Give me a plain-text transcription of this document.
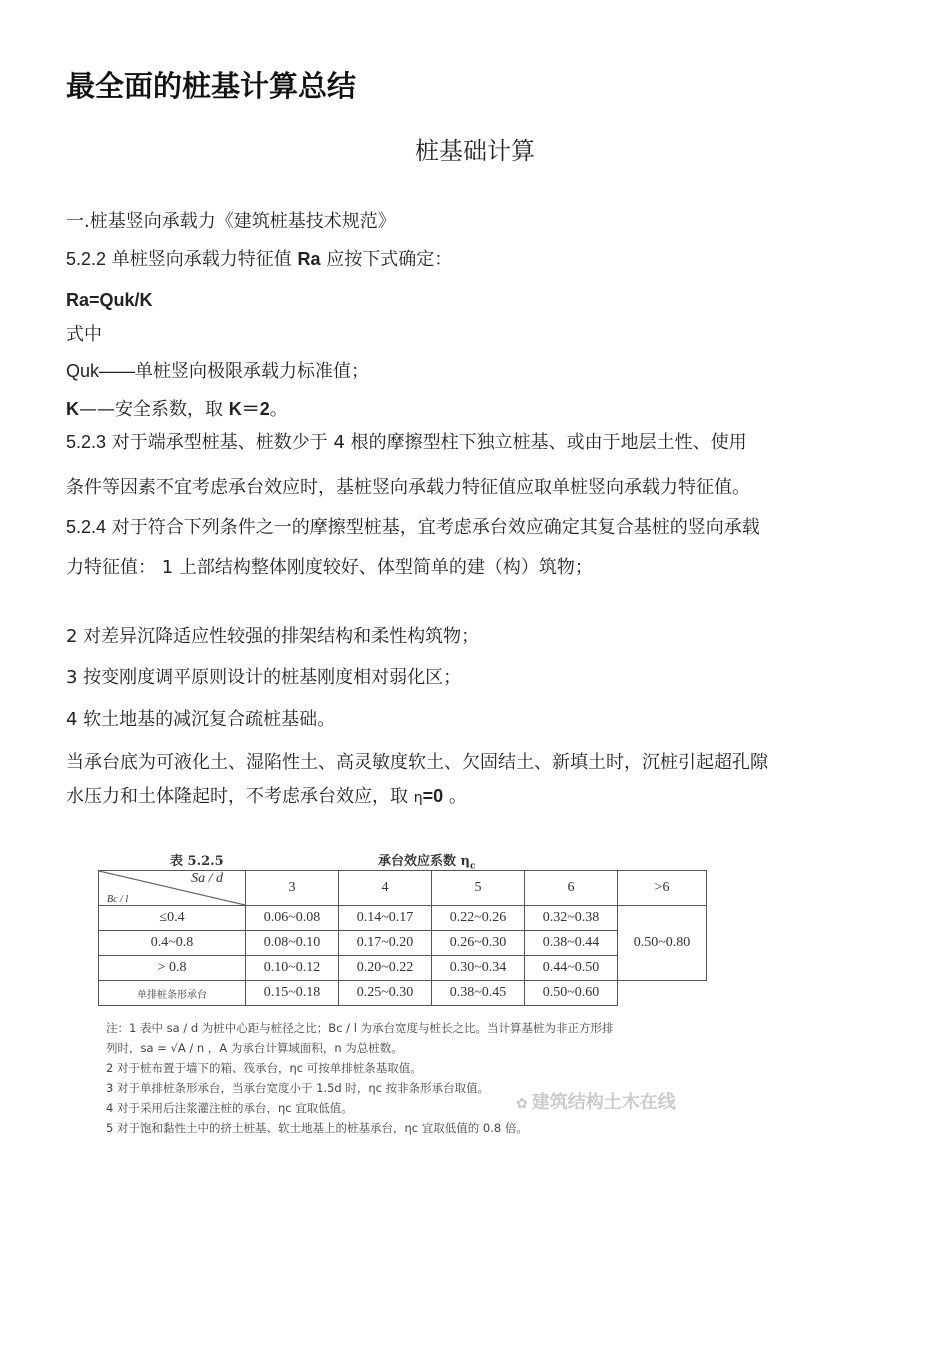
最全面的桩基计算总结
桩基础计算
一.桩基竖向承载力《建筑桩基技术规范》
5.2.2 单桩竖向承载力特征值 Ra 应按下式确定：
Ra=Quk/K
式中
Quk——单桩竖向极限承载力标准值；
K——安全系数，取 K＝2。
5.2.3 对于端承型桩基、桩数少于 4 根的摩擦型柱下独立桩基、或由于地层土性、使用
条件等因素不宜考虑承台效应时，基桩竖向承载力特征值应取单桩竖向承载力特征值。
5.2.4 对于符合下列条件之一的摩擦型桩基，宜考虑承台效应确定其复合基桩的竖向承载
力特征值： 1 上部结构整体刚度较好、体型简单的建（构）筑物；
2 对差异沉降适应性较强的排架结构和柔性构筑物；
3 按变刚度调平原则设计的桩基刚度相对弱化区；
4 软土地基的减沉复合疏桩基础。
当承台底为可液化土、湿陷性土、高灵敏度软土、欠固结土、新填土时，沉桩引起超孔隙
水压力和土体隆起时，不考虑承台效应，取 η=0 。
表 5.2.5	承台效应系数 $\eta_c$
Sa / d
Bc / l	3	4	5	6	>6
≤0.4	0.06~0.08	0.14~0.17	0.22~0.26	0.32~0.38	0.50~0.80
0.4~0.8	0.08~0.10	0.17~0.20	0.26~0.30	0.38~0.44	
> 0.8	0.10~0.12	0.20~0.22	0.30~0.34	0.44~0.50	
单排桩条形承台	0.15~0.18	0.25~0.30	0.38~0.45	0.50~0.60	
注：1 表中 sa / d 为桩中心距与桩径之比；Bc / l 为承台宽度与桩长之比。当计算基桩为非正方形排
列时，sa = √A / n ，A 为承台计算域面积，n 为总桩数。
2 对于桩布置于墙下的箱、筏承台，ηc 可按单排桩条基取值。
3 对于单排桩条形承台，当承台宽度小于 1.5d 时，ηc 按非条形承台取值。
4 对于采用后注浆灌注桩的承台，ηc 宜取低值。
5 对于饱和黏性土中的挤土桩基、软土地基上的桩基承台，ηc 宜取低值的 0.8 倍。
✿ 建筑结构土木在线
